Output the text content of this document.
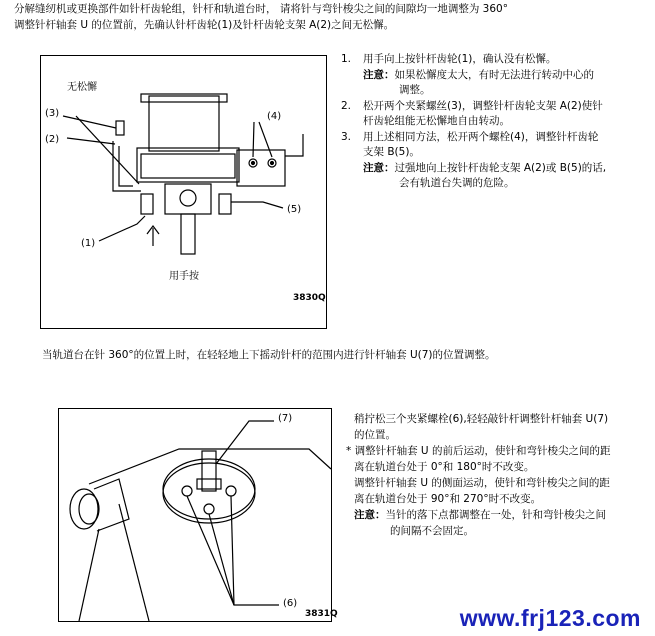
分解缝纫机或更换部件如针杆齿轮组，针杆和轨道台时， 请将针与弯针梭尖之间的间隙均一地调整为 360°
调整针杆轴套 U 的位置前，先确认针杆齿轮(1)及针杆齿轮支架 A(2)之间无松懈。
无松懈
(3)
(2)
(4)
(5)
(1)
用手按
3830Q
1. 用手向上按针杆齿轮(1)，确认没有松懈。
注意：如果松懈度太大，有时无法进行转动中心的
调整。
2. 松开两个夹紧螺丝(3)，调整针杆齿轮支架 A(2)使针
杆齿轮组能无松懈地自由转动。
3. 用上述相同方法，松开两个螺栓(4)，调整针杆齿轮
支架 B(5)。
注意：过强地向上按针杆齿轮支架 A(2)或 B(5)的话,
会有轨道台失调的危险。
当轨道台在针 360°的位置上时，在轻轻地上下摇动针杆的范围内进行针杆轴套 U(7)的位置调整。
(7)
(6)
3831Q
稍拧松三个夹紧螺栓(6),轻轻敲针杆调整针杆轴套 U(7)
的位置。
* 调整针杆轴套 U 的前后运动，使针和弯针梭尖之间的距
离在轨道台处于 0°和 180°时不改变。
调整针杆轴套 U 的侧面运动，使针和弯针梭尖之间的距
离在轨道台处于 90°和 270°时不改变。
注意：当针的落下点都调整在一处，针和弯针梭尖之间
的间隔不会固定。
www.frj123.com
